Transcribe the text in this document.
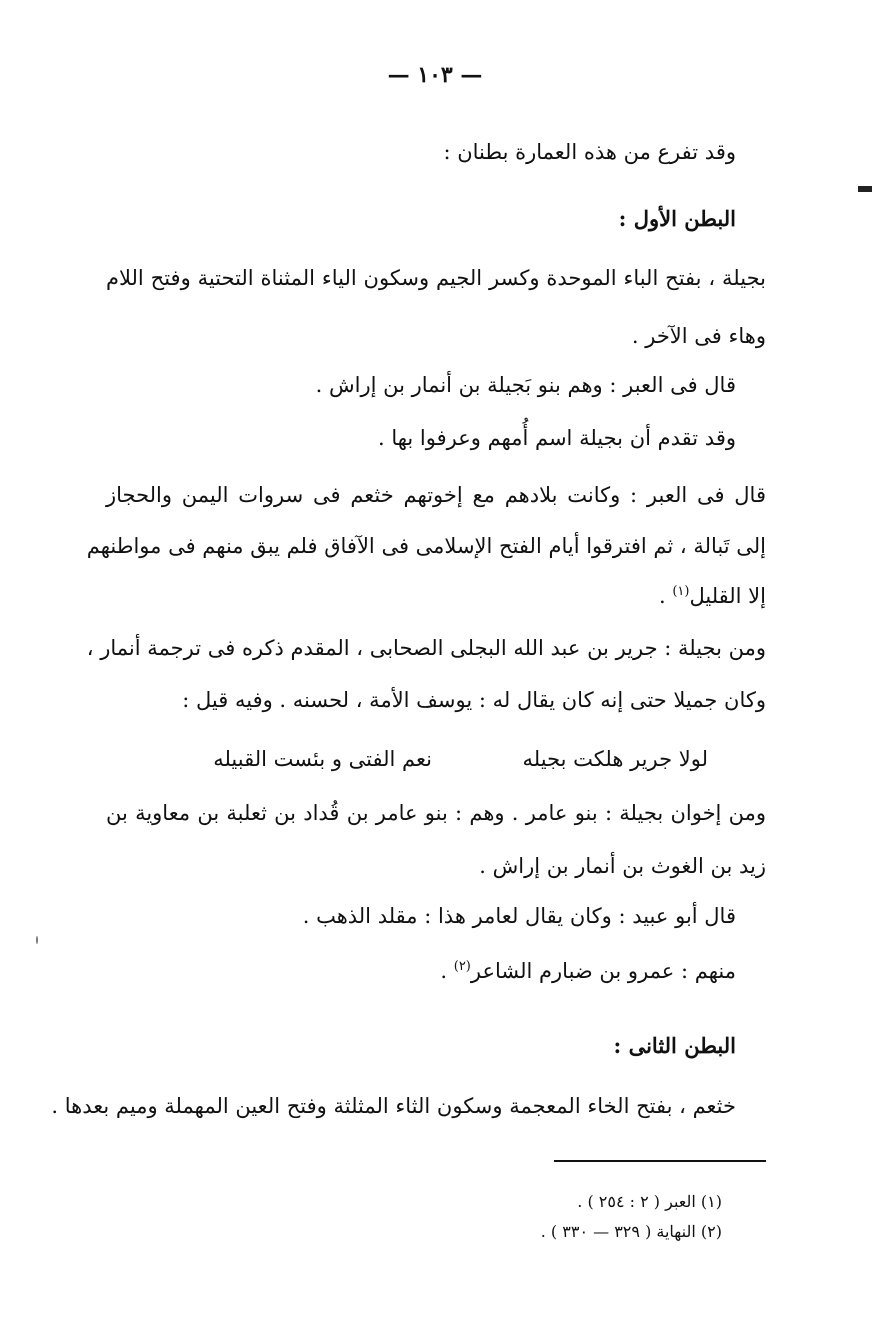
— ١٠٣ —
وقد تفرع من هذه العمارة بطنان :
البطن الأول :
بجيلة ، بفتح الباء الموحدة وكسر الجيم وسكون الياء المثناة التحتية وفتح اللام
وهاء فى الآخر .
قال فى العبر : وهم بنو بَجيلة بن أنمار بن إراش .
وقد تقدم أن بجيلة اسم أُمهم وعرفوا بها .
قال فى العبر : وكانت بلادهم مع إخوتهم خثعم فى سروات اليمن والحجاز
إلى تَبالة ، ثم افترقوا أيام الفتح الإسلامى فى الآفاق فلم يبق منهم فى مواطنهم
إلا القليل$^{(١)}$ .
ومن بجيلة : جرير بن عبد الله البجلى الصحابى ، المقدم ذكره فى ترجمة أنمار ،
وكان جميلا حتى إنه كان يقال له : يوسف الأمة ، لحسنه . وفيه قيل :
لولا جرير هلكت بجيله
نعم الفتى و بئست القبيله
ومن إخوان بجيلة : بنو عامر . وهم : بنو عامر بن قُداد بن ثعلبة بن معاوية بن
زيد بن الغوث بن أنمار بن إراش .
قال أبو عبيد : وكان يقال لعامر هذا : مقلد الذهب .
منهم : عمرو بن ضبارم الشاعر$^{(٢)}$ .
البطن الثانى :
خثعم ، بفتح الخاء المعجمة وسكون الثاء المثلثة وفتح العين المهملة وميم بعدها .
(١) العبر ( ٢ : ٢٥٤ ) .
(٢) النهاية ( ٣٢٩ — ٣٣٠ ) .
